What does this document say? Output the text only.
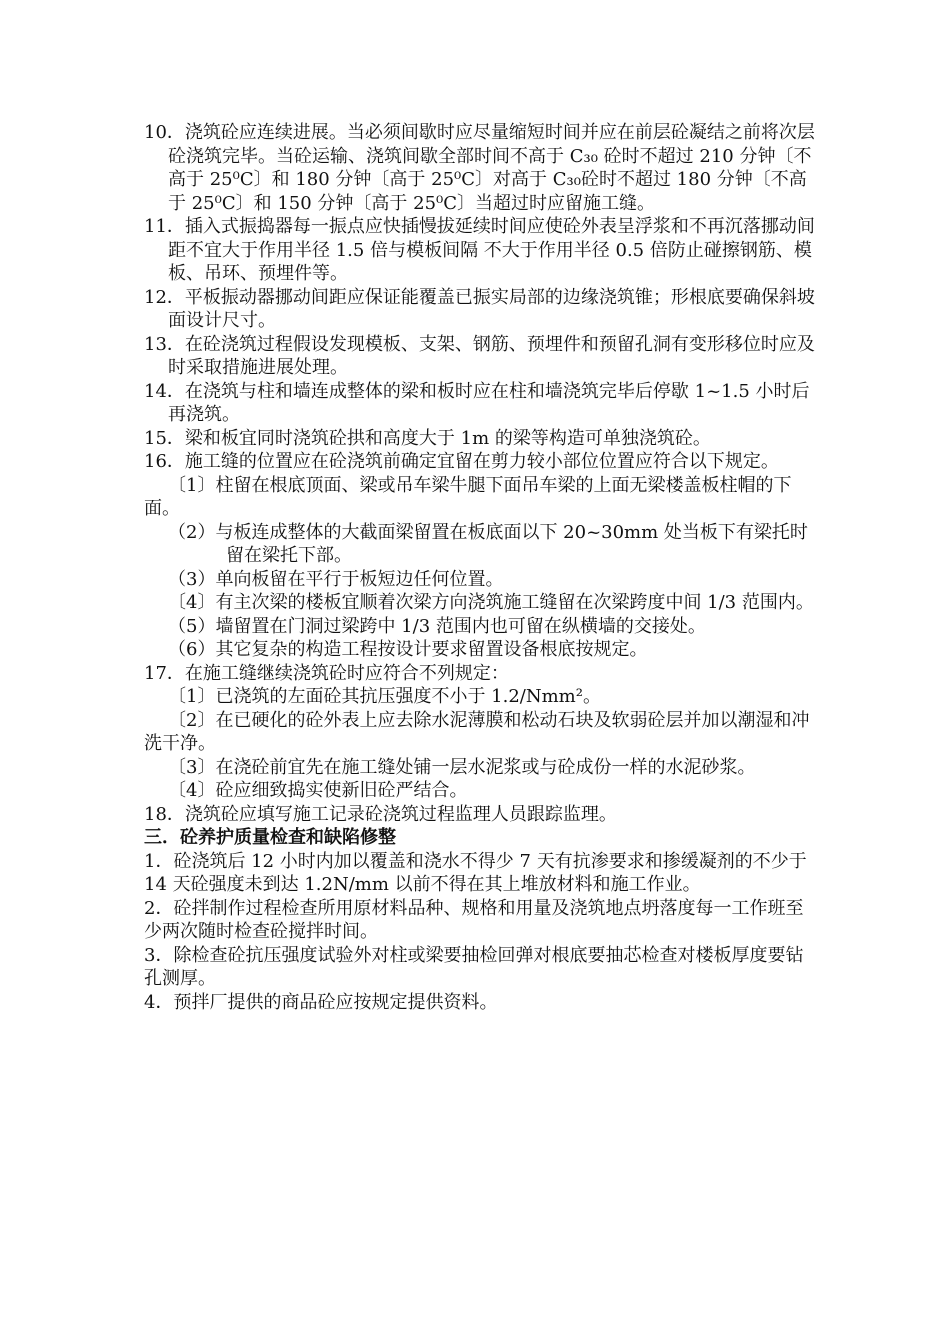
10．浇筑砼应连续进展。当必须间歇时应尽量缩短时间并应在前层砼凝结之前将次层砼浇筑完毕。当砼运输、浇筑间歇全部时间不高于 C₃₀ 砼时不超过 210 分钟〔不高于 25⁰C〕和 180 分钟〔高于 25⁰C〕对高于 C₃₀砼时不超过 180 分钟〔不高于 25⁰C〕和 150 分钟〔高于 25⁰C〕当超过时应留施工缝。

11．插入式振捣器每一振点应快插慢拔延续时间应使砼外表呈浮浆和不再沉落挪动间距不宜大于作用半径 1.5 倍与模板间隔 不大于作用半径 0.5 倍防止碰擦钢筋、模板、吊环、预埋件等。

12．平板振动器挪动间距应保证能覆盖已振实局部的边缘浇筑锥；形根底要确保斜坡面设计尺寸。

13．在砼浇筑过程假设发现模板、支架、钢筋、预埋件和预留孔洞有变形移位时应及时采取措施进展处理。

14．在浇筑与柱和墙连成整体的梁和板时应在柱和墙浇筑完毕后停歇 1~1.5 小时后再浇筑。

15．梁和板宜同时浇筑砼拱和高度大于 1m 的梁等构造可单独浇筑砼。

16．施工缝的位置应在砼浇筑前确定宜留在剪力较小部位位置应符合以下规定。

〔1〕柱留在根底顶面、梁或吊车梁牛腿下面吊车梁的上面无梁楼盖板柱帽的下面。

（2）与板连成整体的大截面梁留置在板底面以下 20~30mm 处当板下有梁托时留在梁托下部。

（3）单向板留在平行于板短边任何位置。

〔4〕有主次梁的楼板宜顺着次梁方向浇筑施工缝留在次梁跨度中间 1/3 范围内。

（5）墙留置在门洞过梁跨中 1/3 范围内也可留在纵横墙的交接处。

（6）其它复杂的构造工程按设计要求留置设备根底按规定。

17．在施工缝继续浇筑砼时应符合不列规定：

〔1〕已浇筑的左面砼其抗压强度不小于 1.2/Nmm²。

〔2〕在已硬化的砼外表上应去除水泥薄膜和松动石块及软弱砼层并加以潮湿和冲洗干净。

〔3〕在浇砼前宜先在施工缝处铺一层水泥浆或与砼成份一样的水泥砂浆。

〔4〕砼应细致捣实使新旧砼严结合。

18．浇筑砼应填写施工记录砼浇筑过程监理人员跟踪监理。

三．砼养护质量检查和缺陷修整

1．砼浇筑后 12 小时内加以覆盖和浇水不得少 7 天有抗渗要求和掺缓凝剂的不少于 14 天砼强度未到达 1.2N/mm 以前不得在其上堆放材料和施工作业。

2．砼拌制作过程检查所用原材料品种、规格和用量及浇筑地点坍落度每一工作班至少两次随时检查砼搅拌时间。

3．除检查砼抗压强度试验外对柱或梁要抽检回弹对根底要抽芯检查对楼板厚度要钻孔测厚。

4．预拌厂提供的商品砼应按规定提供资料。
